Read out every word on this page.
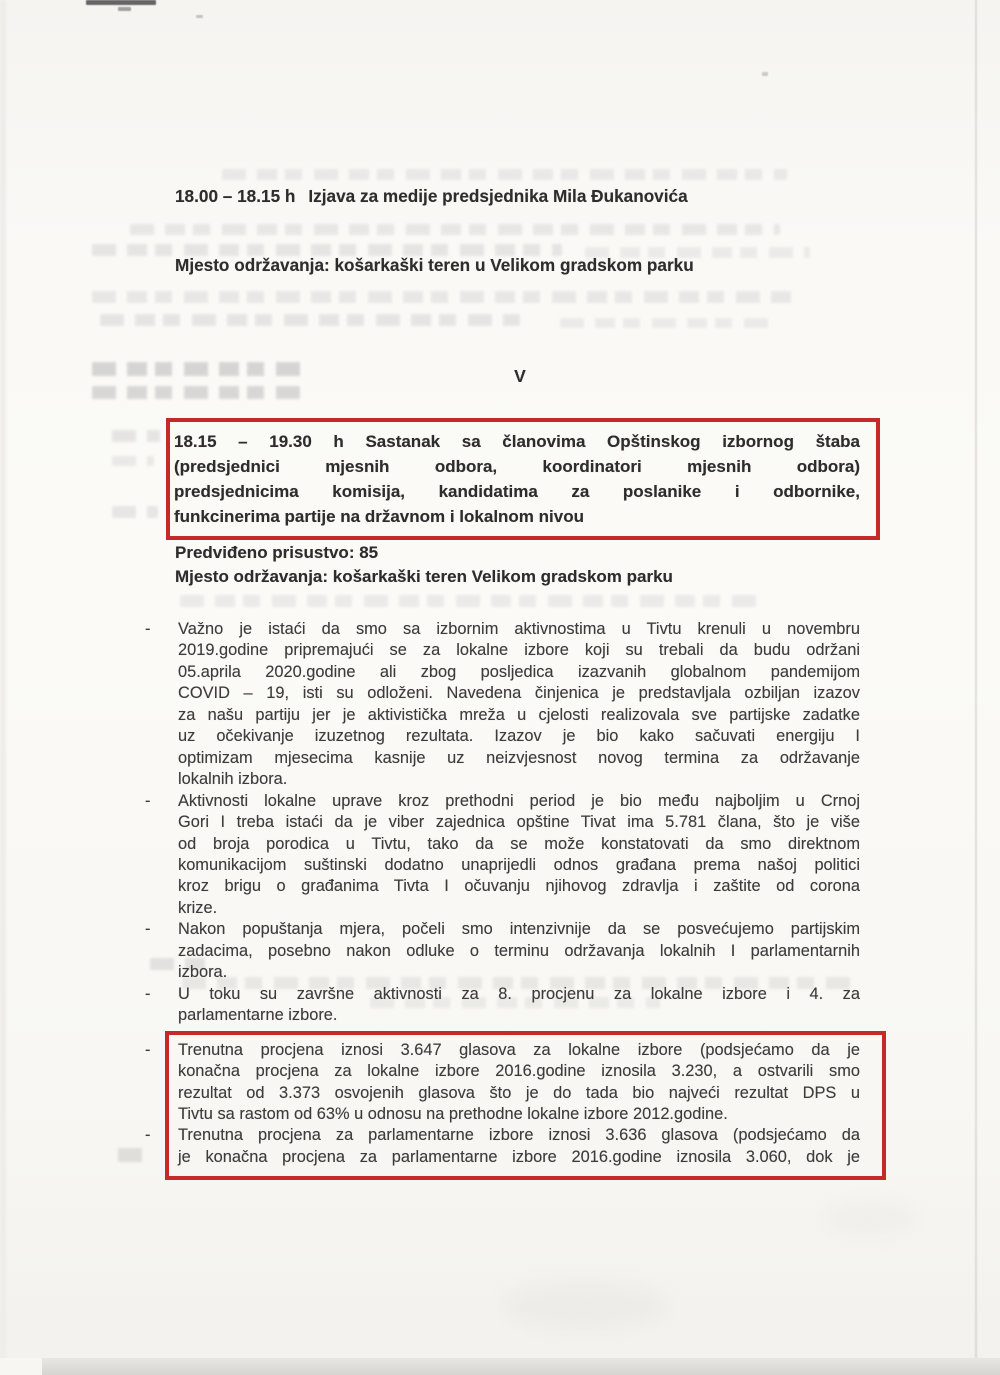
18.00 – 18.15 h Izjava za medije predsjednika Mila Đukanovića
Mjesto održavanja: košarkaški teren u Velikom gradskom parku
V
18.15 – 19.30 h Sastanak sa članovima Opštinskog izbornog štaba
(predsjednici mjesnih odbora, koordinatori mjesnih odbora)
predsjednicima komisija, kandidatima za poslanike i odbornike,
funkcinerima partije na državnom i lokalnom nivou
Predviđeno prisustvo: 85
Mjesto održavanja: košarkaški teren Velikom gradskom parku
- Važno je istaći da smo sa izbornim aktivnostima u Tivtu krenuli u novembru
2019.godine pripremajući se za lokalne izbore koji su trebali da budu održani
05.aprila 2020.godine ali zbog posljedica izazvanih globalnom pandemijom
COVID – 19, isti su odloženi. Navedena činjenica je predstavljala ozbiljan izazov
za našu partiju jer je aktivistička mreža u cjelosti realizovala sve partijske zadatke
uz očekivanje izuzetnog rezultata. Izazov je bio kako sačuvati energiju I
optimizam mjesecima kasnije uz neizvjesnost novog termina za održavanje
lokalnih izbora.
- Aktivnosti lokalne uprave kroz prethodni period je bio među najboljim u Crnoj
Gori I treba istaći da je viber zajednica opštine Tivat ima 5.781 člana, što je više
od broja porodica u Tivtu, tako da se može konstatovati da smo direktnom
komunikacijom suštinski dodatno unaprijedli odnos građana prema našoj politici
kroz brigu o građanima Tivta I očuvanju njihovog zdravlja i zaštite od corona
krize.
- Nakon popuštanja mjera, počeli smo intenzivnije da se posvećujemo partijskim
zadacima, posebno nakon odluke o terminu održavanja lokalnih I parlamentarnih
izbora.
- U toku su završne aktivnosti za 8. procjenu za lokalne izbore i 4. za
parlamentarne izbore.
- Trenutna procjena iznosi 3.647 glasova za lokalne izbore (podsjećamo da je
konačna procjena za lokalne izbore 2016.godine iznosila 3.230, a ostvarili smo
rezultat od 3.373 osvojenih glasova što je do tada bio najveći rezultat DPS u
Tivtu sa rastom od 63% u odnosu na prethodne lokalne izbore 2012.godine.
- Trenutna procjena za parlamentarne izbore iznosi 3.636 glasova (podsjećamo da
je konačna procjena za parlamentarne izbore 2016.godine iznosila 3.060, dok je
